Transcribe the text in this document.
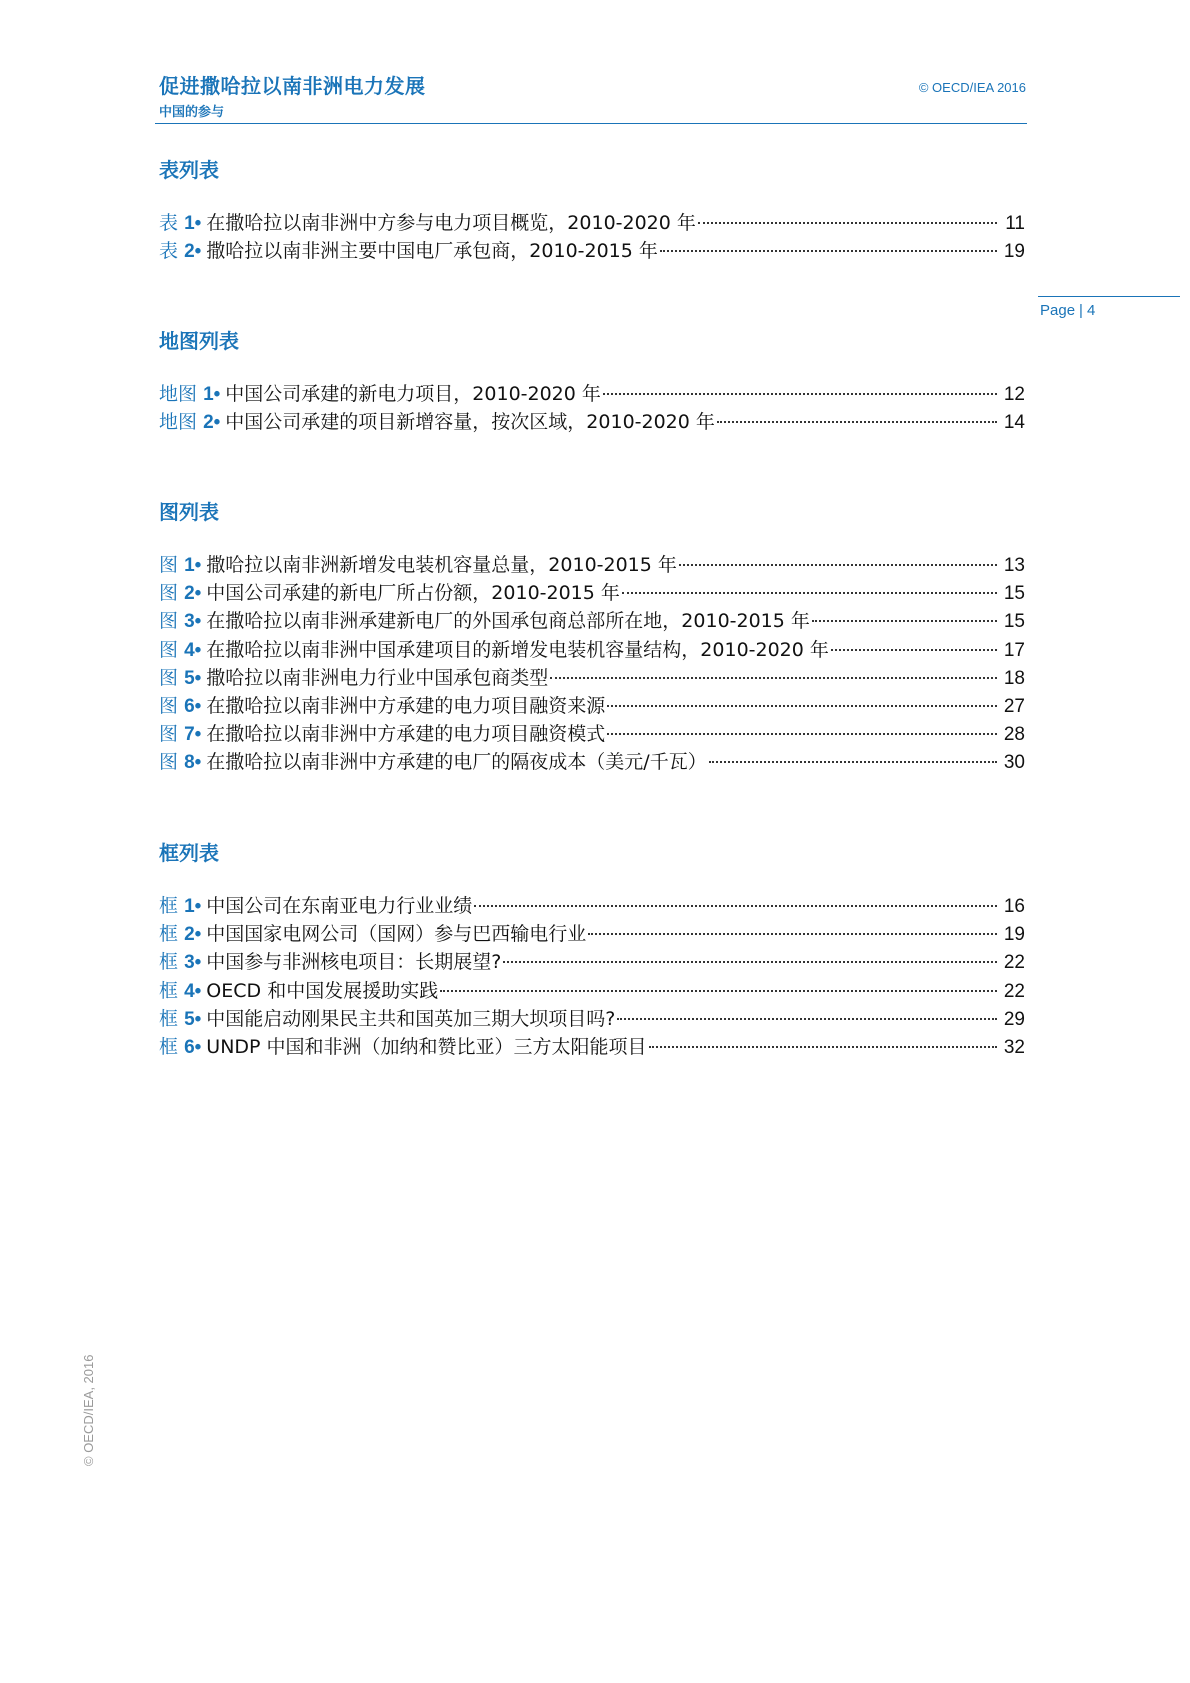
促进撒哈拉以南非洲电力发展
中国的参与
© OECD/IEA 2016
Page | 4
© OECD/IEA, 2016
表列表
表 1• 在撒哈拉以南非洲中方参与电力项目概览，2010-2020 年	11
表 2• 撒哈拉以南非洲主要中国电厂承包商，2010-2015 年	19
地图列表
地图 1• 中国公司承建的新电力项目，2010-2020 年	12
地图 2• 中国公司承建的项目新增容量，按次区域，2010-2020 年	14
图列表
图 1• 撒哈拉以南非洲新增发电装机容量总量，2010-2015 年	13
图 2• 中国公司承建的新电厂所占份额，2010-2015 年	15
图 3• 在撒哈拉以南非洲承建新电厂的外国承包商总部所在地，2010-2015 年	15
图 4• 在撒哈拉以南非洲中国承建项目的新增发电装机容量结构，2010-2020 年	17
图 5• 撒哈拉以南非洲电力行业中国承包商类型	18
图 6• 在撒哈拉以南非洲中方承建的电力项目融资来源	27
图 7• 在撒哈拉以南非洲中方承建的电力项目融资模式	28
图 8• 在撒哈拉以南非洲中方承建的电厂的隔夜成本（美元/千瓦）	30
框列表
框 1• 中国公司在东南亚电力行业业绩	16
框 2• 中国国家电网公司（国网）参与巴西输电行业	19
框 3• 中国参与非洲核电项目：长期展望?	22
框 4• OECD 和中国发展援助实践	22
框 5• 中国能启动刚果民主共和国英加三期大坝项目吗?	29
框 6• UNDP 中国和非洲（加纳和赞比亚）三方太阳能项目	32
